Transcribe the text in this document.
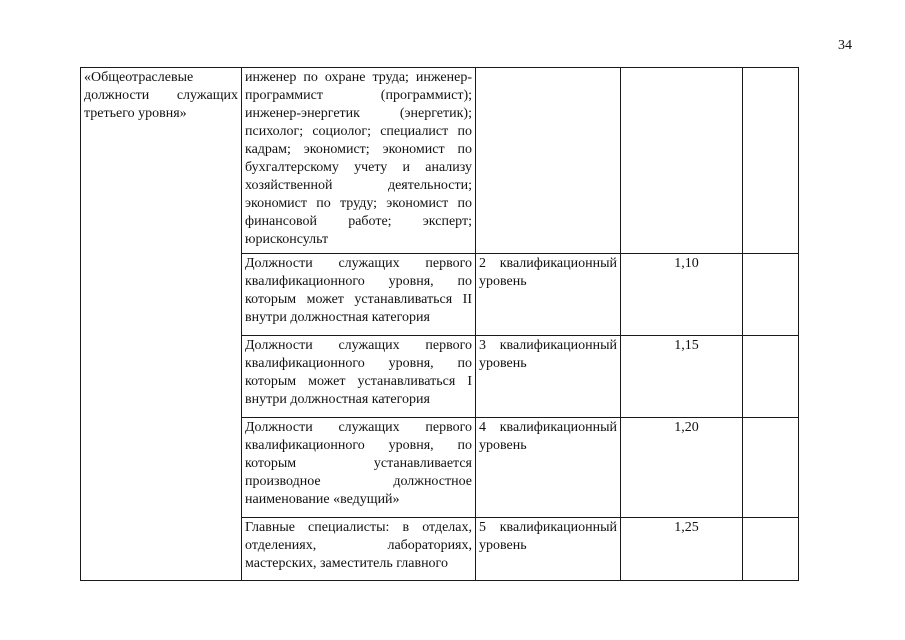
34
«Общеотраслевые должности служащих третьего уровня»	инженер по охране труда; инженер-программист (программист); инженер-энергетик (энергетик); психолог; социолог; специалист по кадрам; экономист; экономист по бухгалтерскому учету и анализу хозяйственной деятельности; экономист по труду; экономист по финансовой работе; эксперт; юрисконсульт			
	Должности служащих первого квалификационного уровня, по которым может устанавливаться II внутри должностная категория	2 квалификационный уровень	1,10	

	Должности служащих первого квалификационного уровня, по которым может устанавливаться I внутри должностная категория	3 квалификационный уровень	1,15	

	Должности служащих первого квалификационного уровня, по которым устанавливается производное должностное наименование «ведущий»	4 квалификационный уровень	1,20	

	Главные специалисты: в отделах, отделениях, лабораториях, мастерских, заместитель главного	5 квалификационный уровень	1,25	
